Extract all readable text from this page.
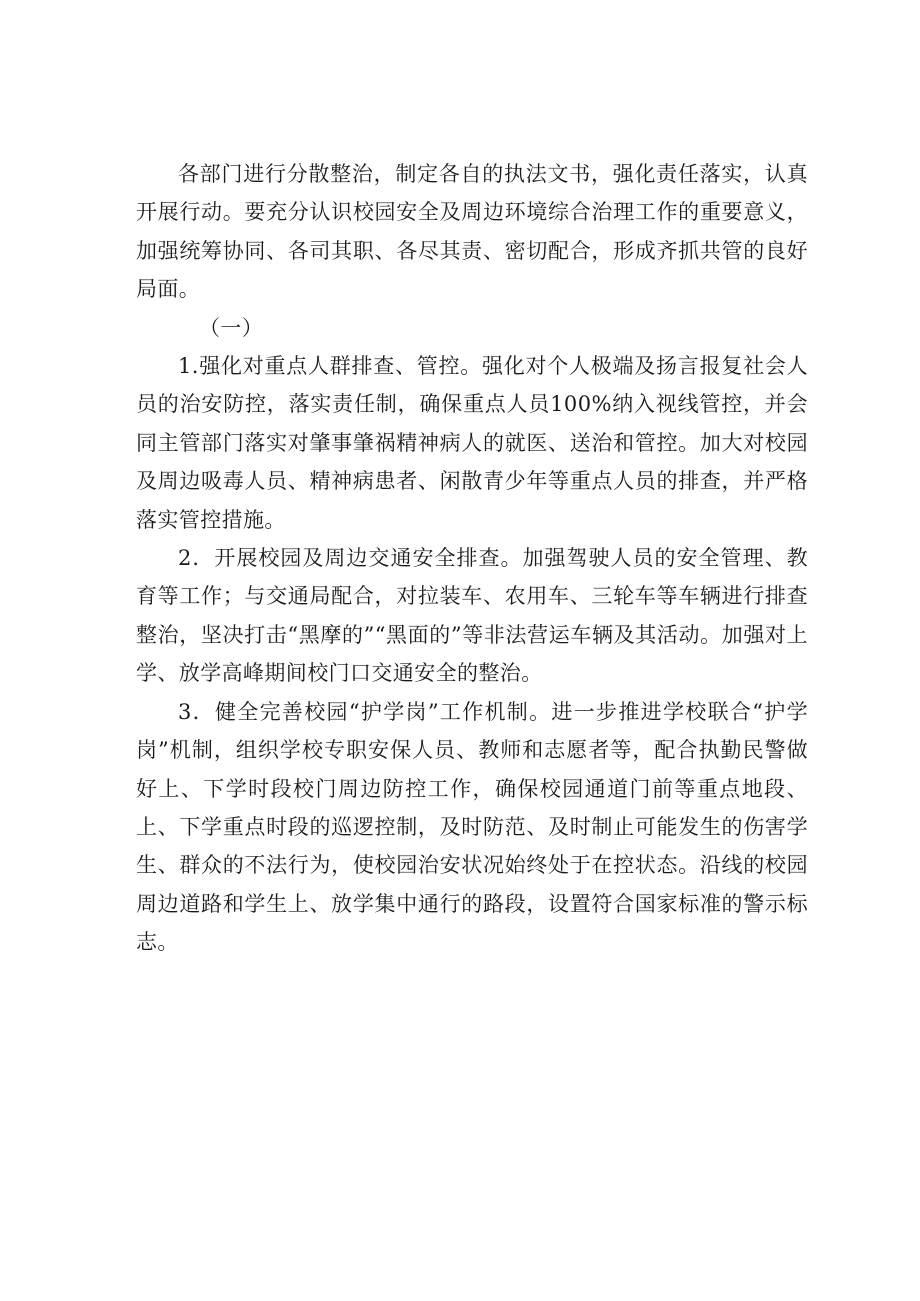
各部门进行分散整治，制定各自的执法文书，强化责任落实，认真开展行动。要充分认识校园安全及周边环境综合治理工作的重要意义，加强统筹协同、各司其职、各尽其责、密切配合，形成齐抓共管的良好局面。

（一）

1.强化对重点人群排查、管控。强化对个人极端及扬言报复社会人员的治安防控，落实责任制，确保重点人员100%纳入视线管控，并会同主管部门落实对肇事肇祸精神病人的就医、送治和管控。加大对校园及周边吸毒人员、精神病患者、闲散青少年等重点人员的排查，并严格落实管控措施。

2．开展校园及周边交通安全排查。加强驾驶人员的安全管理、教育等工作；与交通局配合，对拉装车、农用车、三轮车等车辆进行排查整治，坚决打击“黑摩的”“黑面的”等非法营运车辆及其活动。加强对上学、放学高峰期间校门口交通安全的整治。

3．健全完善校园“护学岗”工作机制。进一步推进学校联合“护学岗”机制，组织学校专职安保人员、教师和志愿者等，配合执勤民警做好上、下学时段校门周边防控工作，确保校园通道门前等重点地段、上、下学重点时段的巡逻控制，及时防范、及时制止可能发生的伤害学生、群众的不法行为，使校园治安状况始终处于在控状态。沿线的校园周边道路和学生上、放学集中通行的路段，设置符合国家标准的警示标志。
